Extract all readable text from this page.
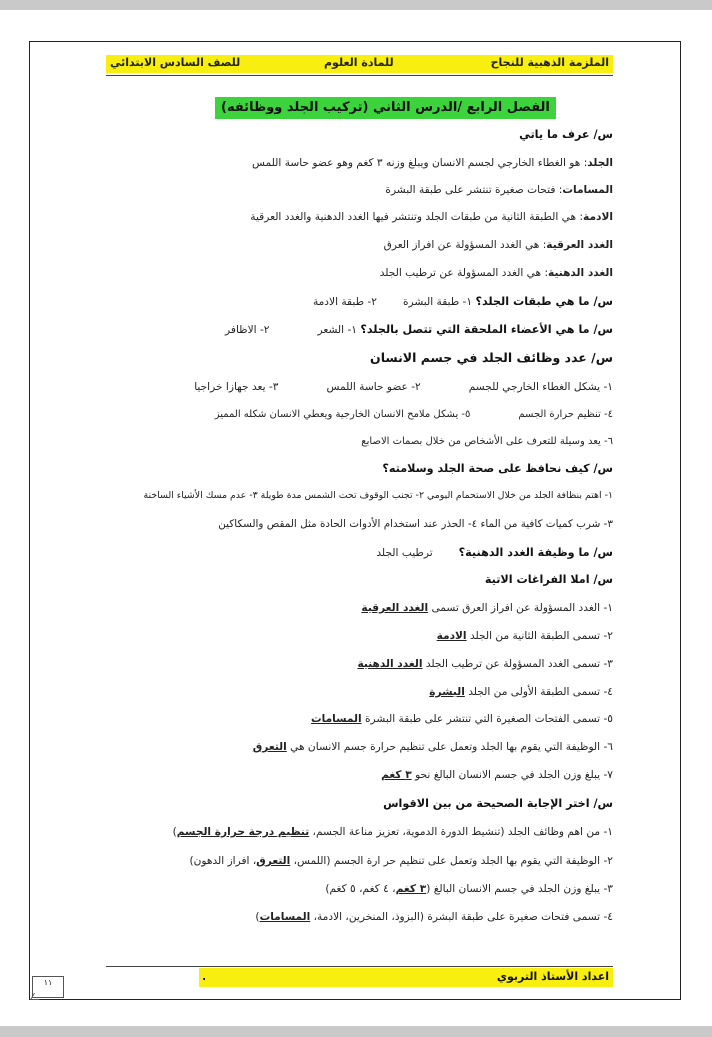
الملزمة الذهبية للنجاح
للمادة العلوم
للصف السادس الابتدائي
الفصل الرابع /الدرس الثاني (تركيب الجلد ووظائفه)
س/ عرف ما ياتي
الجلد: هو الغطاء الخارجي لجسم الانسان ويبلغ وزنه ٣ كغم وهو عضو حاسة اللمس
المسامات: فتحات صغيرة تنتشر على طبقة البشرة
الادمة: هي الطبقة الثانية من طبقات الجلد وتنتشر فيها الغدد الدهنية والغدد العرقية
الغدد العرقية: هي الغدد المسؤولة عن افراز العرق
الغدد الدهنية: هي الغدد المسؤولة عن ترطيب الجلد
س/ ما هي طبقات الجلد؟ ١- طبقة البشرة٢- طبقة الادمة
س/ ما هي الأعضاء الملحقة التي تتصل بالجلد؟ ١- الشعر٢- الاظافر
س/ عدد وظائف الجلد في جسم الانسان
١- يشكل الغطاء الخارجي للجسم٢- عضو حاسة اللمس٣- يعد جهازا خراجيا
٤- تنظيم حرارة الجسم٥- يشكل ملامح الانسان الخارجية ويعطي الانسان شكله المميز
٦- يعد وسيلة للتعرف على الأشخاص من خلال بصمات الاصابع
س/ كيف نحافظ على صحة الجلد وسلامته؟
١- اهتم بنظافة الجلد من خلال الاستحمام اليومي ٢- تجنب الوقوف تحت الشمس مدة طويلة ٣- عدم مسك الأشياء الساخنة
٣- شرب كميات كافية من الماء ٤- الحذر عند استخدام الأدوات الحادة مثل المقص والسكاكين
س/ ما وظيفة الغدد الدهنية؟ترطيب الجلد
س/ املا الفراغات الاتية
١- الغدد المسؤولة عن افراز العرق تسمى الغدد العرقية
٢- تسمى الطبقة الثانية من الجلد الادمة
٣- تسمى الغدد المسؤولة عن ترطيب الجلد الغدد الدهنية
٤- تسمى الطبقة الأولى من الجلد البشرة
٥- تسمى الفتحات الصغيرة التي تنتشر على طبقة البشرة المسامات
٦- الوظيفة التي يقوم بها الجلد وتعمل على تنظيم حرارة جسم الانسان هي التعرق
٧- يبلغ وزن الجلد في جسم الانسان البالغ نحو ٣ كغم
س/ اختر الإجابة الصحيحة من بين الاقواس
١- من اهم وظائف الجلد (تنشيط الدورة الدموية، تعزيز مناعة الجسم، تنظيم درجة حرارة الجسم)
٢- الوظيفة التي يقوم بها الجلد وتعمل على تنظيم حر ارة الجسم (اللمس، التعرق، افراز الدهون)
٣- يبلغ وزن الجلد في جسم الانسان البالغ (٣ كغم، ٤ كغم، ٥ كغم)
٤- تسمى فتحات صغيرة على طبقة البشرة (البزوذ، المنخرين، الادمة، المسامات)
اعداد الأستاذ التربوي
.
١١
